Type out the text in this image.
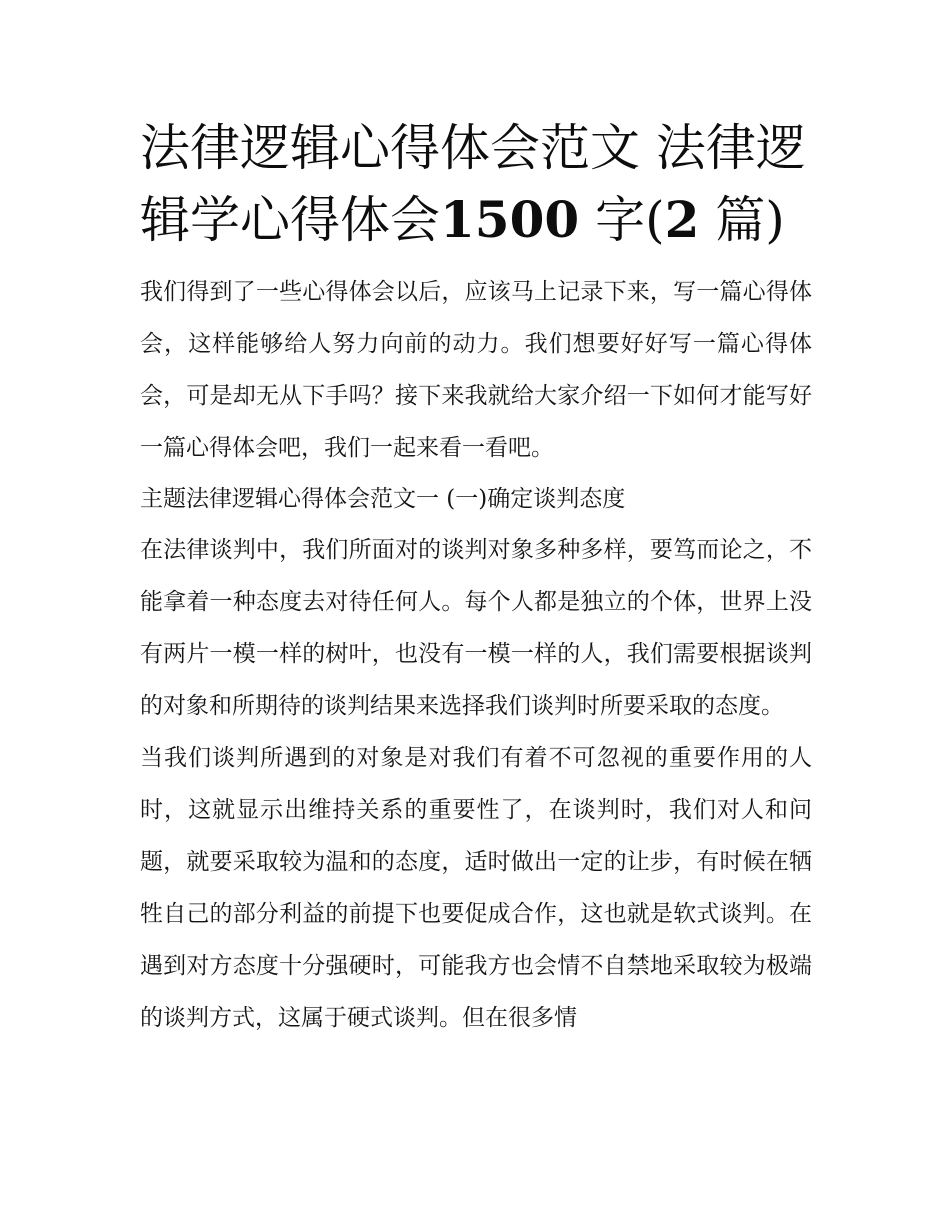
法律逻辑心得体会范文 法律逻辑学心得体会1500 字(2 篇)

我们得到了一些心得体会以后，应该马上记录下来，写一篇心得体会，这样能够给人努力向前的动力。我们想要好好写一篇心得体会，可是却无从下手吗？接下来我就给大家介绍一下如何才能写好一篇心得体会吧，我们一起来看一看吧。

主题法律逻辑心得体会范文一 (一)确定谈判态度

在法律谈判中，我们所面对的谈判对象多种多样，要笃而论之，不能拿着一种态度去对待任何人。每个人都是独立的个体，世界上没有两片一模一样的树叶，也没有一模一样的人，我们需要根据谈判的对象和所期待的谈判结果来选择我们谈判时所要采取的态度。

当我们谈判所遇到的对象是对我们有着不可忽视的重要作用的人时，这就显示出维持关系的重要性了，在谈判时，我们对人和问题，就要采取较为温和的态度，适时做出一定的让步，有时候在牺牲自己的部分利益的前提下也要促成合作，这也就是软式谈判。在遇到对方态度十分强硬时，可能我方也会情不自禁地采取较为极端的谈判方式，这属于硬式谈判。但在很多情
